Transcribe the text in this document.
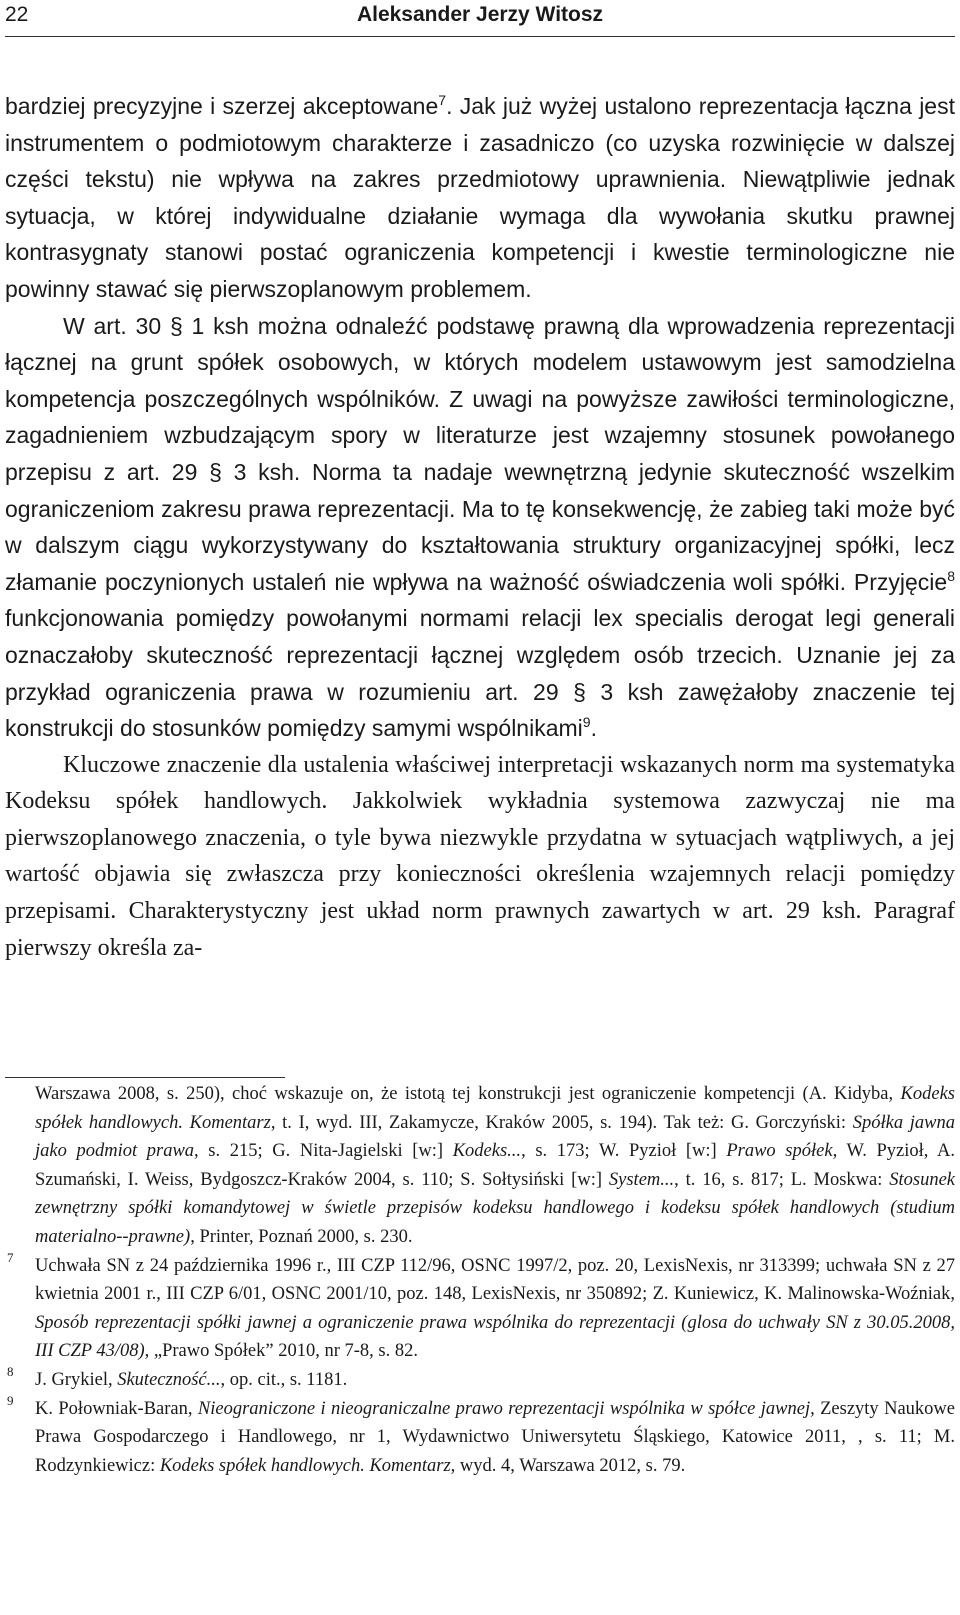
22	Aleksander Jerzy Witosz

bardziej precyzyjne i szerzej akceptowane$^7$. Jak już wyżej ustalono reprezentacja łączna jest instrumentem o podmiotowym charakterze i zasadniczo (co uzyska rozwinięcie w dalszej części tekstu) nie wpływa na zakres przedmiotowy uprawnienia. Niewątpliwie jednak sytuacja, w której indywidualne działanie wymaga dla wywołania skutku prawnej kontrasygnaty stanowi postać ograniczenia kompetencji i kwestie terminologiczne nie powinny stawać się pierwszoplanowym problemem.

W art. 30 § 1 ksh można odnaleźć podstawę prawną dla wprowadzenia reprezentacji łącznej na grunt spółek osobowych, w których modelem ustawowym jest samodzielna kompetencja poszczególnych wspólników. Z uwagi na powyższe zawiłości terminologiczne, zagadnieniem wzbudzającym spory w literaturze jest wzajemny stosunek powołanego przepisu z art. 29 § 3 ksh. Norma ta nadaje wewnętrzną jedynie skuteczność wszelkim ograniczeniom zakresu prawa reprezentacji. Ma to tę konsekwencję, że zabieg taki może być w dalszym ciągu wykorzystywany do kształtowania struktury organizacyjnej spółki, lecz złamanie poczynionych ustaleń nie wpływa na ważność oświadczenia woli spółki. Przyjęcie$^8$ funkcjonowania pomiędzy powołanymi normami relacji lex specialis derogat legi generali oznaczałoby skuteczność reprezentacji łącznej względem osób trzecich. Uznanie jej za przykład ograniczenia prawa w rozumieniu art. 29 § 3 ksh zawężałoby znaczenie tej konstrukcji do stosunków pomiędzy samymi wspólnikami$^9$.

Kluczowe znaczenie dla ustalenia właściwej interpretacji wskazanych norm ma systematyka Kodeksu spółek handlowych. Jakkolwiek wykładnia systemowa zazwyczaj nie ma pierwszoplanowego znaczenia, o tyle bywa niezwykle przydatna w sytuacjach wątpliwych, a jej wartość objawia się zwłaszcza przy konieczności określenia wzajemnych relacji pomiędzy przepisami. Charakterystyczny jest układ norm prawnych zawartych w art. 29 ksh. Paragraf pierwszy określa za-

Warszawa 2008, s. 250), choć wskazuje on, że istotą tej konstrukcji jest ograniczenie kompetencji (A. Kidyba, Kodeks spółek handlowych. Komentarz, t. I, wyd. III, Zakamycze, Kraków 2005, s. 194). Tak też: G. Gorczyński: Spółka jawna jako podmiot prawa, s. 215; G. Nita-Jagielski [w:] Kodeks..., s. 173; W. Pyzioł [w:] Prawo spółek, W. Pyzioł, A. Szumański, I. Weiss, Bydgoszcz-Kraków 2004, s. 110; S. Sołtysiński [w:] System..., t. 16, s. 817; L. Moskwa: Stosunek zewnętrzny spółki komandytowej w świetle przepisów kodeksu handlowego i kodeksu spółek handlowych (studium materialno--prawne), Printer, Poznań 2000, s. 230.
7 Uchwała SN z 24 października 1996 r., III CZP 112/96, OSNC 1997/2, poz. 20, LexisNexis, nr 313399; uchwała SN z 27 kwietnia 2001 r., III CZP 6/01, OSNC 2001/10, poz. 148, LexisNexis, nr 350892; Z. Kuniewicz, K. Malinowska-Woźniak, Sposób reprezentacji spółki jawnej a ograniczenie prawa wspólnika do reprezentacji (glosa do uchwały SN z 30.05.2008, III CZP 43/08), „Prawo Spółek” 2010, nr 7-8, s. 82.
8 J. Grykiel, Skuteczność..., op. cit., s. 1181.
9 K. Połowniak-Baran, Nieograniczone i nieograniczalne prawo reprezentacji wspólnika w spółce jawnej, Zeszyty Naukowe Prawa Gospodarczego i Handlowego, nr 1, Wydawnictwo Uniwersytetu Śląskiego, Katowice 2011, , s. 11; M. Rodzynkiewicz: Kodeks spółek handlowych. Komentarz, wyd. 4, Warszawa 2012, s. 79.
